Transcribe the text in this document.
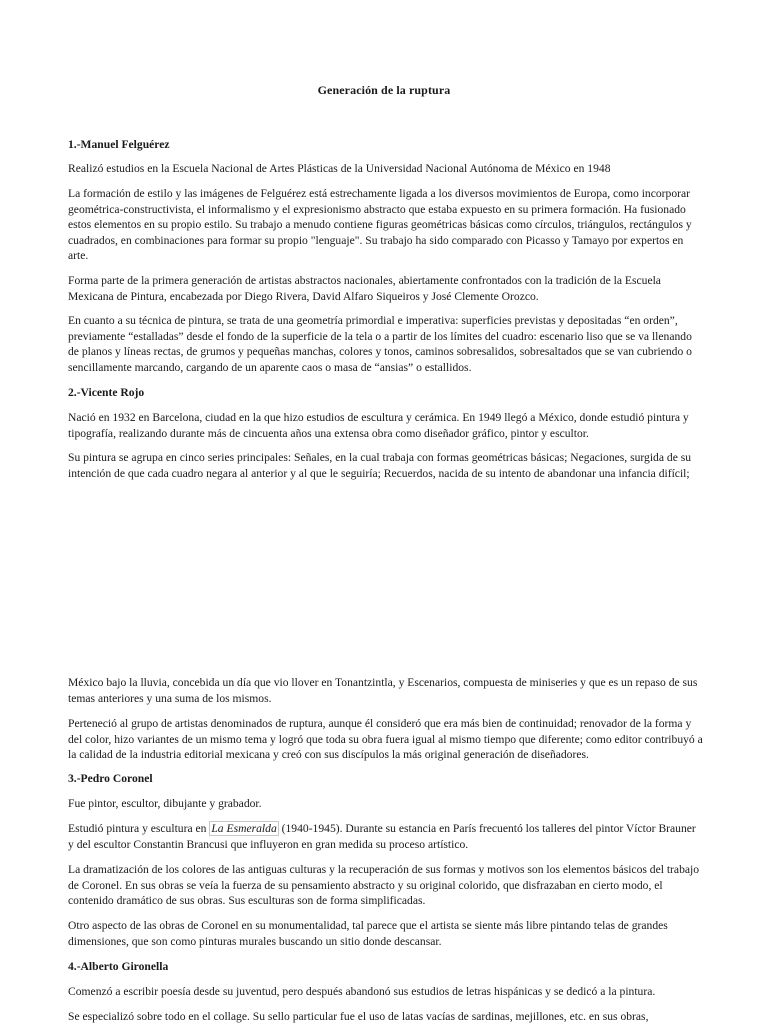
Generación de la ruptura
1.-Manuel Felguérez

Realizó estudios en la Escuela Nacional de Artes Plásticas de la Universidad Nacional Autónoma de México en 1948

La formación de estilo y las imágenes de Felguérez está estrechamente ligada a los diversos movimientos de Europa, como incorporar geométrica-constructivista, el informalismo y el expresionismo abstracto que estaba expuesto en su primera formación. Ha fusionado estos elementos en su propio estilo. Su trabajo a menudo contiene figuras geométricas básicas como círculos, triángulos, rectángulos y cuadrados, en combinaciones para formar su propio "lenguaje". Su trabajo ha sido comparado con Picasso y Tamayo por expertos en arte.

Forma parte de la primera generación de artistas abstractos nacionales, abiertamente confrontados con la tradición de la Escuela Mexicana de Pintura, encabezada por Diego Rivera, David Alfaro Siqueiros y José Clemente Orozco.

En cuanto a su técnica de pintura, se trata de una geometría primordial e imperativa: superficies previstas y depositadas “en orden”, previamente “estalladas” desde el fondo de la superficie de la tela o a partir de los límites del cuadro: escenario liso que se va llenando de planos y líneas rectas, de grumos y pequeñas manchas, colores y tonos, caminos sobresalidos, sobresaltados que se van cubriendo o sencillamente marcando, cargando de un aparente caos o masa de “ansias” o estallidos.

2.-Vicente Rojo

Nació en 1932 en Barcelona, ciudad en la que hizo estudios de escultura y cerámica. En 1949 llegó a México, donde estudió pintura y tipografía, realizando durante más de cincuenta años una extensa obra como diseñador gráfico, pintor y escultor.

Su pintura se agrupa en cinco series principales: Señales, en la cual trabaja con formas geométricas básicas; Negaciones, surgida de su intención de que cada cuadro negara al anterior y al que le seguiría; Recuerdos, nacida de su intento de abandonar una infancia difícil;

México bajo la lluvia, concebida un día que vio llover en Tonantzintla, y Escenarios, compuesta de miniseries y que es un repaso de sus temas anteriores y una suma de los mismos.

Perteneció al grupo de artistas denominados de ruptura, aunque él consideró que era más bien de continuidad; renovador de la forma y del color, hizo variantes de un mismo tema y logró que toda su obra fuera igual al mismo tiempo que diferente; como editor contribuyó a la calidad de la industria editorial mexicana y creó con sus discípulos la más original generación de diseñadores.

3.-Pedro Coronel

Fue pintor, escultor, dibujante y grabador.

Estudió pintura y escultura en La Esmeralda (1940-1945). Durante su estancia en París frecuentó los talleres del pintor Víctor Brauner y del escultor Constantin Brancusi que influyeron en gran medida su proceso artístico.

La dramatización de los colores de las antiguas culturas y la recuperación de sus formas y motivos son los elementos básicos del trabajo de Coronel. En sus obras se veía la fuerza de su pensamiento abstracto y su original colorido, que disfrazaban en cierto modo, el contenido dramático de sus obras. Sus esculturas son de forma simplificadas.

Otro aspecto de las obras de Coronel en su monumentalidad, tal parece que el artista se siente más libre pintando telas de grandes dimensiones, que son como pinturas murales buscando un sitio donde descansar.

4.-Alberto Gironella

Comenzó a escribir poesía desde su juventud, pero después abandonó sus estudios de letras hispánicas y se dedicó a la pintura.

Se especializó sobre todo en el collage. Su sello particular fue el uso de latas vacías de sardinas, mejillones, etc. en sus obras,
